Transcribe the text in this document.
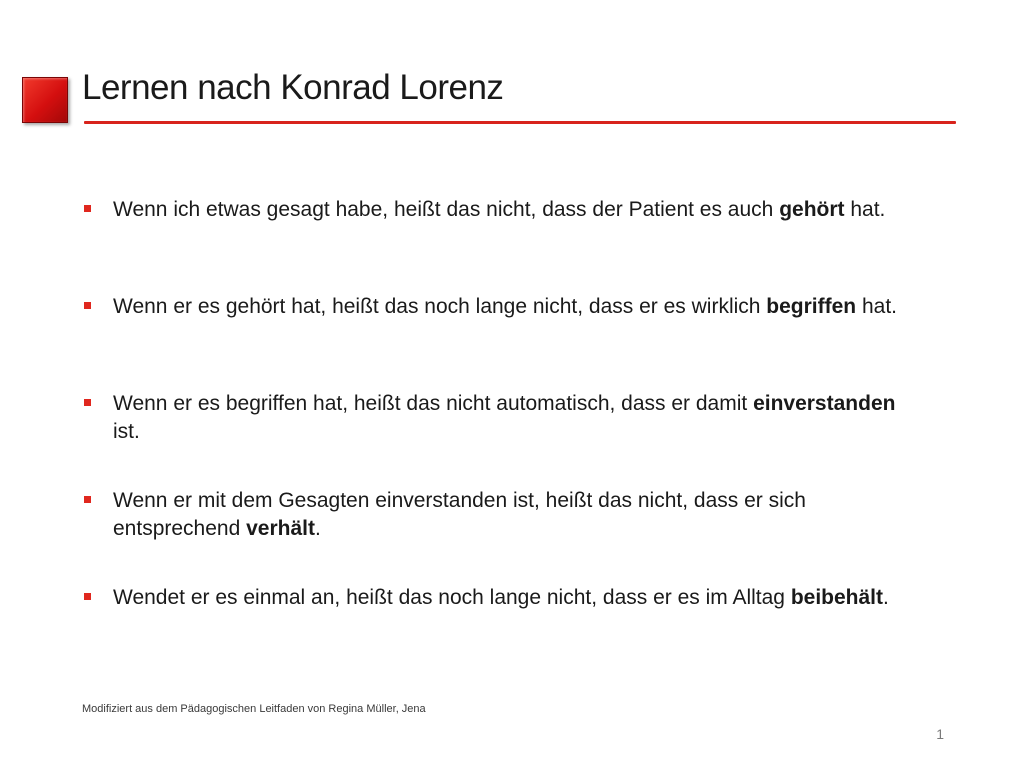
Lernen nach Konrad Lorenz
Wenn ich etwas gesagt habe, heißt das nicht, dass der Patient es auch gehört hat.
Wenn er es gehört hat, heißt das noch lange nicht, dass er es wirklich begriffen hat.
Wenn er es begriffen hat, heißt das nicht automatisch, dass er damit einverstanden ist.
Wenn er mit dem Gesagten einverstanden ist, heißt das nicht, dass er sich entsprechend verhält.
Wendet er es einmal an, heißt das noch lange nicht, dass er es im Alltag beibehält.
Modifiziert aus dem Pädagogischen Leitfaden von Regina Müller, Jena
1
